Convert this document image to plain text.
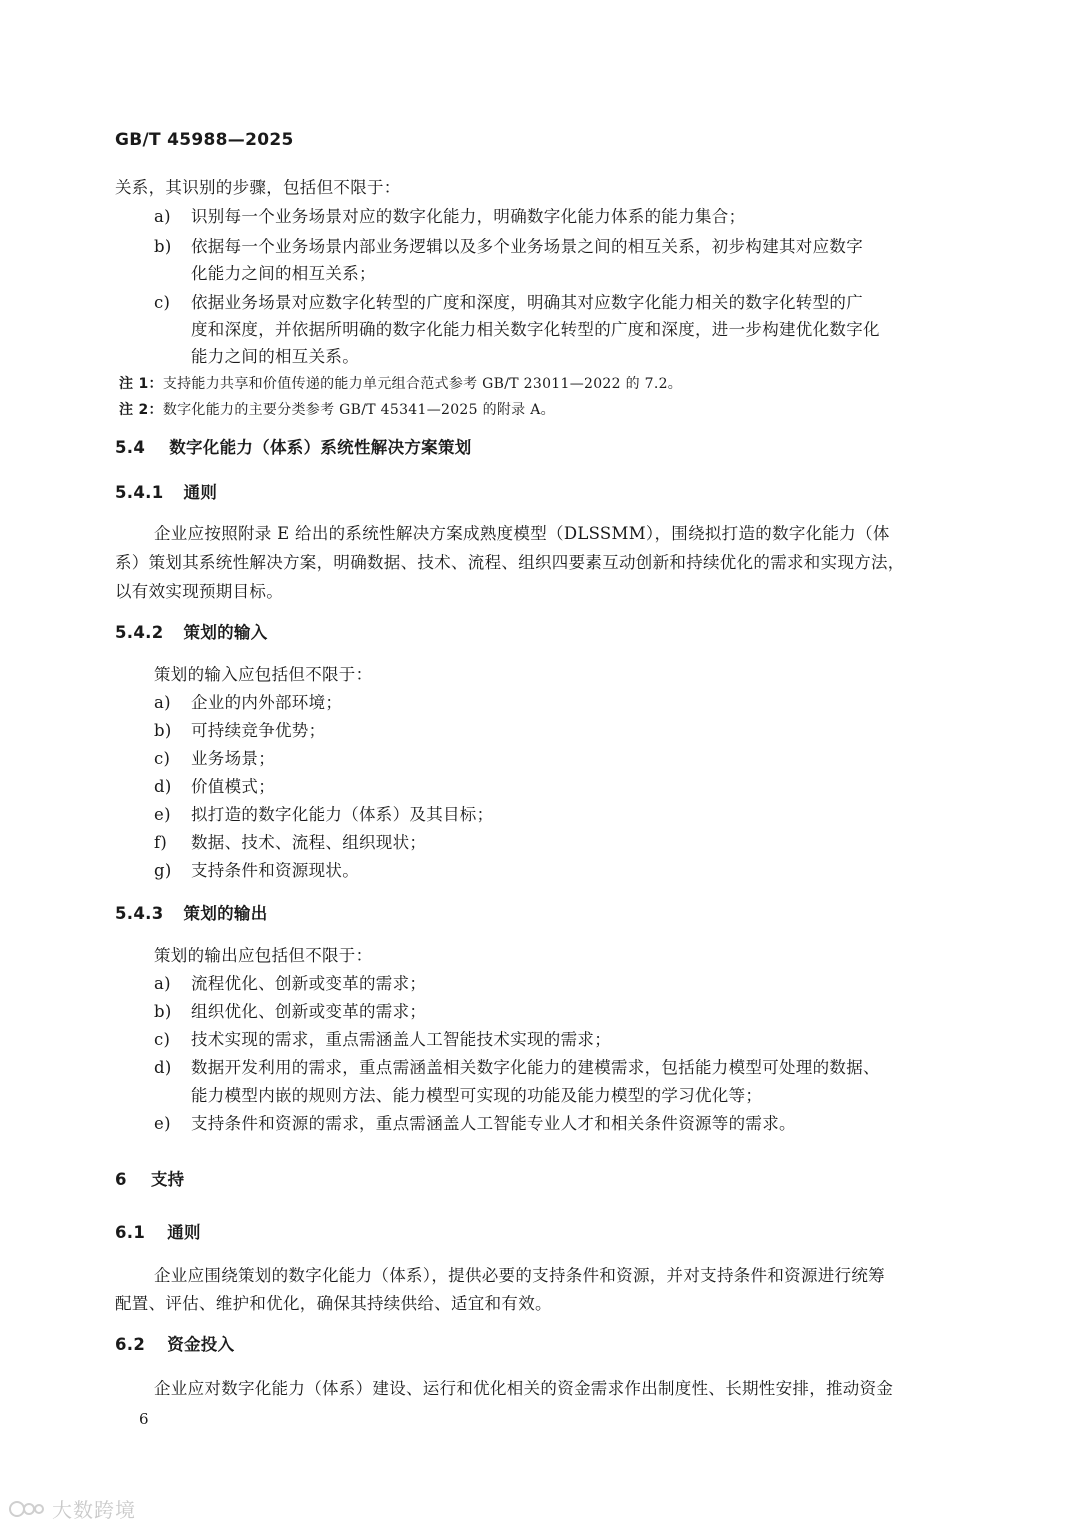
GB/T 45988—2025
关系，其识别的步骤，包括但不限于：
a) 识别每一个业务场景对应的数字化能力，明确数字化能力体系的能力集合；
b) 依据每一个业务场景内部业务逻辑以及多个业务场景之间的相互关系，初步构建其对应数字
化能力之间的相互关系；
c) 依据业务场景对应数字化转型的广度和深度，明确其对应数字化能力相关的数字化转型的广
度和深度，并依据所明确的数字化能力相关数字化转型的广度和深度，进一步构建优化数字化
能力之间的相互关系。
注 1：支持能力共享和价值传递的能力单元组合范式参考 GB/T 23011—2022 的 7.2。
注 2：数字化能力的主要分类参考 GB/T 45341—2025 的附录 A。
5.4 数字化能力（体系）系统性解决方案策划
5.4.1 通则
企业应按照附录 E 给出的系统性解决方案成熟度模型（DLSSMM），围绕拟打造的数字化能力（体
系）策划其系统性解决方案，明确数据、技术、流程、组织四要素互动创新和持续优化的需求和实现方法，
以有效实现预期目标。
5.4.2 策划的输入
策划的输入应包括但不限于：
a) 企业的内外部环境；
b) 可持续竞争优势；
c) 业务场景；
d) 价值模式；
e) 拟打造的数字化能力（体系）及其目标；
f) 数据、技术、流程、组织现状；
g) 支持条件和资源现状。
5.4.3 策划的输出
策划的输出应包括但不限于：
a) 流程优化、创新或变革的需求；
b) 组织优化、创新或变革的需求；
c) 技术实现的需求，重点需涵盖人工智能技术实现的需求；
d) 数据开发利用的需求，重点需涵盖相关数字化能力的建模需求，包括能力模型可处理的数据、
能力模型内嵌的规则方法、能力模型可实现的功能及能力模型的学习优化等；
e) 支持条件和资源的需求，重点需涵盖人工智能专业人才和相关条件资源等的需求。
6 支持
6.1 通则
企业应围绕策划的数字化能力（体系），提供必要的支持条件和资源，并对支持条件和资源进行统筹
配置、评估、维护和优化，确保其持续供给、适宜和有效。
6.2 资金投入
企业应对数字化能力（体系）建设、运行和优化相关的资金需求作出制度性、长期性安排，推动资金
6
大数跨境
